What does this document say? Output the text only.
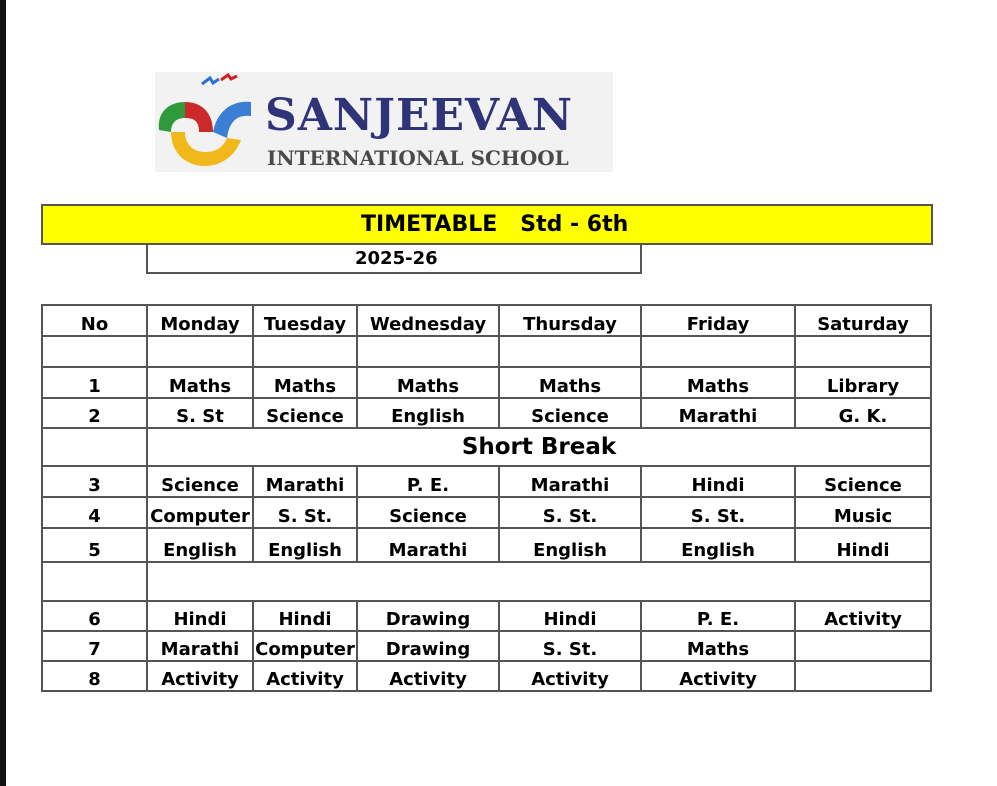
SANJEEVAN
INTERNATIONAL SCHOOL

TIMETABLE   Std - 6th

2025-26
No	Monday	Tuesday	Wednesday	Thursday	Friday	Saturday

1	Maths	Maths	Maths	Maths	Maths	Library
2	S. St	Science	English	Science	Marathi	G. K.
	Short Break					
3	Science	Marathi	P. E.	Marathi	Hindi	Science
4	Computer	S. St.	Science	S. St.	S. St.	Music
5	English	English	Marathi	English	English	Hindi

6	Hindi	Hindi	Drawing	Hindi	P. E.	Activity
7	Marathi	Computer	Drawing	S. St.	Maths	
8	Activity	Activity	Activity	Activity	Activity	
